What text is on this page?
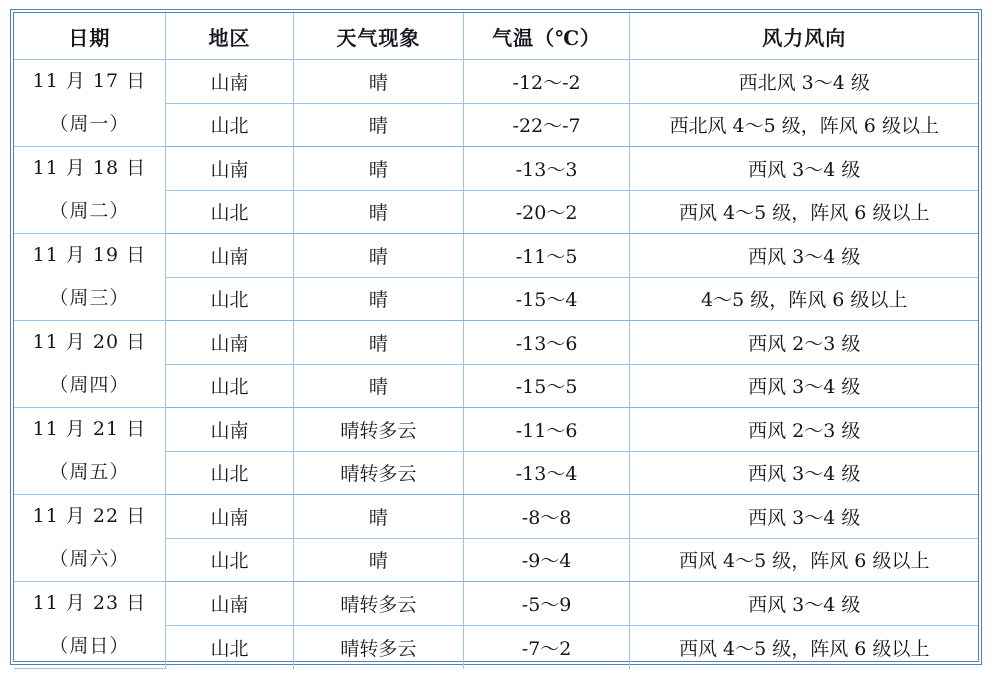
日期	地区	天气现象	气温（℃）	风力风向

11 月 17 日
（周一）	山南	晴	-12～-2	西北风 3～4 级
	山北	晴	-22～-7	西北风 4～5 级，阵风 6 级以上

11 月 18 日
（周二）	山南	晴	-13～3	西风 3～4 级
	山北	晴	-20～2	西风 4～5 级，阵风 6 级以上

11 月 19 日
（周三）	山南	晴	-11～5	西风 3～4 级
	山北	晴	-15～4	4～5 级，阵风 6 级以上

11 月 20 日
（周四）	山南	晴	-13～6	西风 2～3 级
	山北	晴	-15～5	西风 3～4 级

11 月 21 日
（周五）	山南	晴转多云	-11～6	西风 2～3 级
	山北	晴转多云	-13～4	西风 3～4 级

11 月 22 日
（周六）	山南	晴	-8～8	西风 3～4 级
	山北	晴	-9～4	西风 4～5 级，阵风 6 级以上

11 月 23 日
（周日）	山南	晴转多云	-5～9	西风 3～4 级
	山北	晴转多云	-7～2	西风 4～5 级，阵风 6 级以上
